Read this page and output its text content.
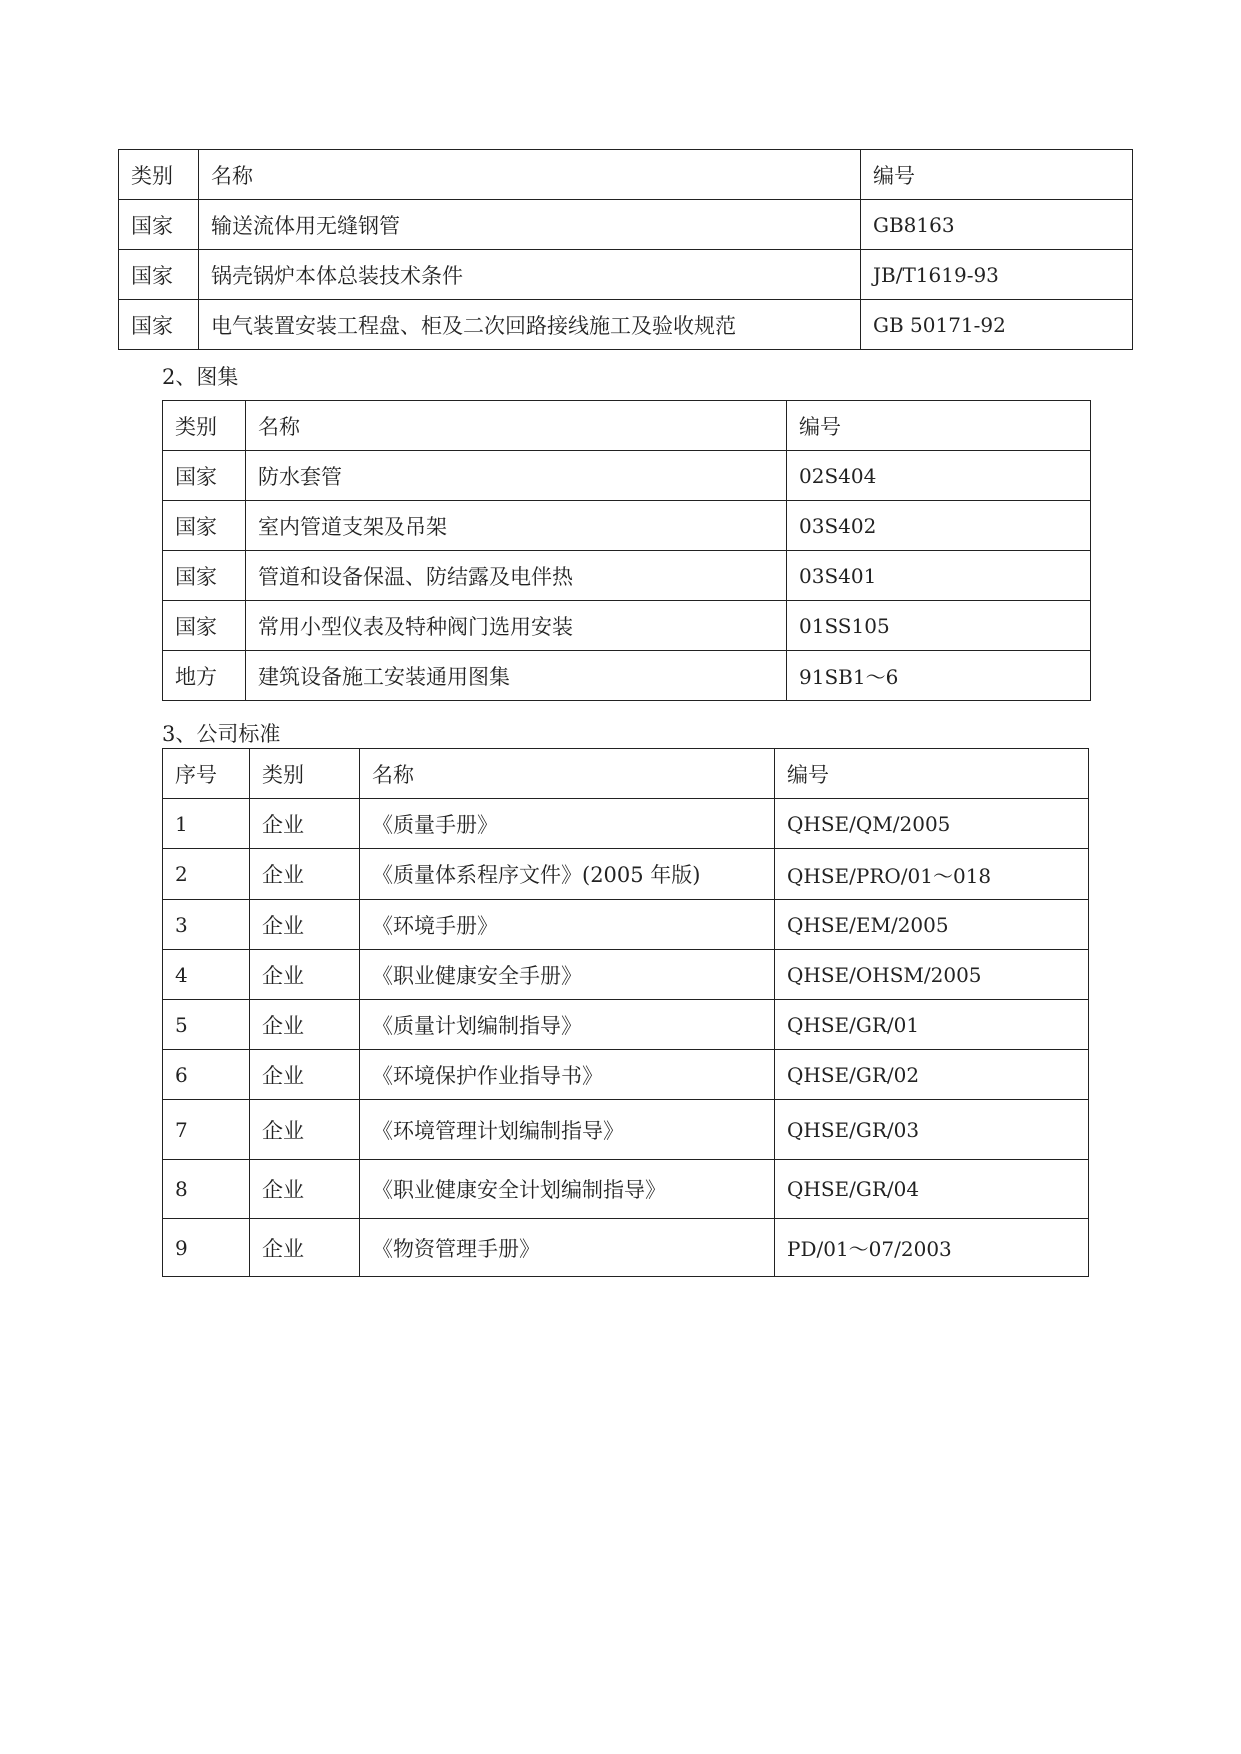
类别	名称	编号
国家	输送流体用无缝钢管	GB8163
国家	锅壳锅炉本体总装技术条件	JB/T1619-93
国家	电气装置安装工程盘、柜及二次回路接线施工及验收规范	GB 50171-92
2、图集
类别	名称	编号
国家	防水套管	02S404
国家	室内管道支架及吊架	03S402
国家	管道和设备保温、防结露及电伴热	03S401
国家	常用小型仪表及特种阀门选用安装	01SS105
地方	建筑设备施工安装通用图集	91SB1～6
3、公司标准
序号	类别	名称	编号
1	企业	《质量手册》	QHSE/QM/2005
2	企业	《质量体系程序文件》(2005 年版)	QHSE/PRO/01～018
3	企业	《环境手册》	QHSE/EM/2005
4	企业	《职业健康安全手册》	QHSE/OHSM/2005
5	企业	《质量计划编制指导》	QHSE/GR/01
6	企业	《环境保护作业指导书》	QHSE/GR/02
7	企业	《环境管理计划编制指导》	QHSE/GR/03
8	企业	《职业健康安全计划编制指导》	QHSE/GR/04
9	企业	《物资管理手册》	PD/01～07/2003
